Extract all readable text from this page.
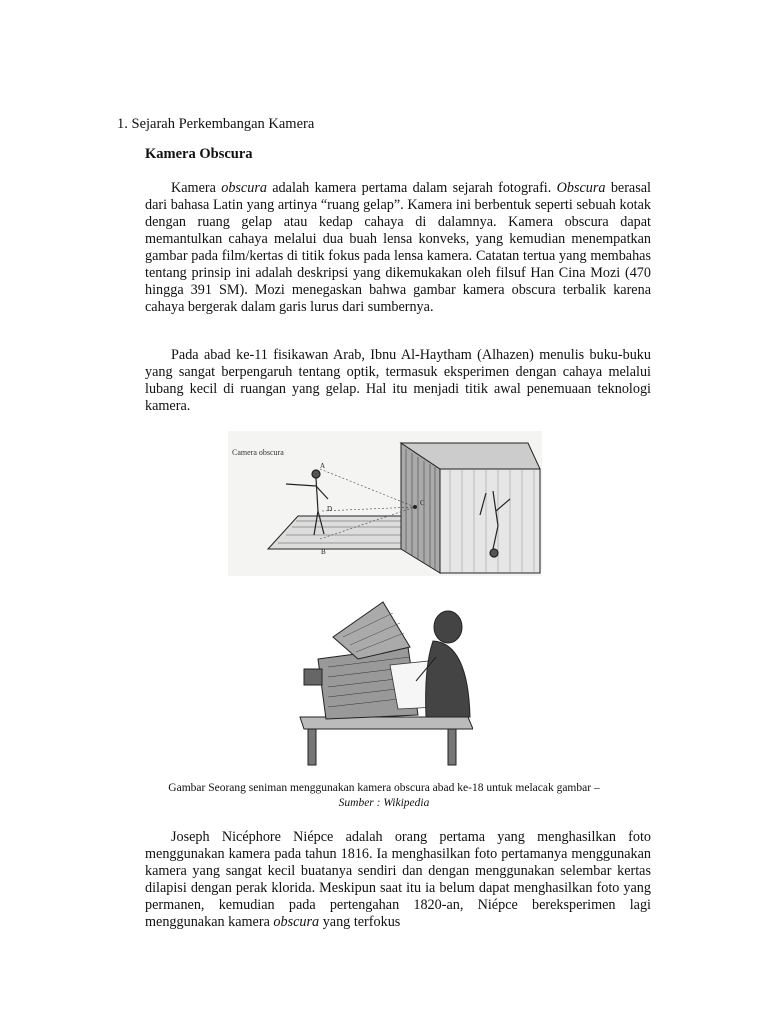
1. Sejarah Perkembangan Kamera
Kamera Obscura

Kamera obscura adalah kamera pertama dalam sejarah fotografi. Obscura berasal dari bahasa Latin yang artinya “ruang gelap”. Kamera ini berbentuk seperti sebuah kotak dengan ruang gelap atau kedap cahaya di dalamnya. Kamera obscura dapat memantulkan cahaya melalui dua buah lensa konveks, yang kemudian menempatkan gambar pada film/kertas di titik fokus pada lensa kamera. Catatan tertua yang membahas tentang prinsip ini adalah deskripsi yang dikemukakan oleh filsuf Han Cina Mozi (470 hingga 391 SM). Mozi menegaskan bahwa gambar kamera obscura terbalik karena cahaya bergerak dalam garis lurus dari sumbernya.

Pada abad ke-11 fisikawan Arab, Ibnu Al-Haytham (Alhazen) menulis buku-buku yang sangat berpengaruh tentang optik, termasuk eksperimen dengan cahaya melalui lubang kecil di ruangan yang gelap. Hal itu menjadi titik awal penemuaan teknologi kamera.

Camera obscura
A
B
C
D

Gambar Seorang seniman menggunakan kamera obscura abad ke-18 untuk melacak gambar –
Sumber : Wikipedia

Joseph Nicéphore Niépce adalah orang pertama yang menghasilkan foto menggunakan kamera pada tahun 1816. Ia menghasilkan foto pertamanya menggunakan kamera yang sangat kecil buatanya sendiri dan dengan menggunakan selembar kertas dilapisi dengan perak klorida. Meskipun saat itu ia belum dapat menghasilkan foto yang permanen, kemudian pada pertengahan 1820-an, Niépce bereksperimen lagi menggunakan kamera obscura yang terfokus
